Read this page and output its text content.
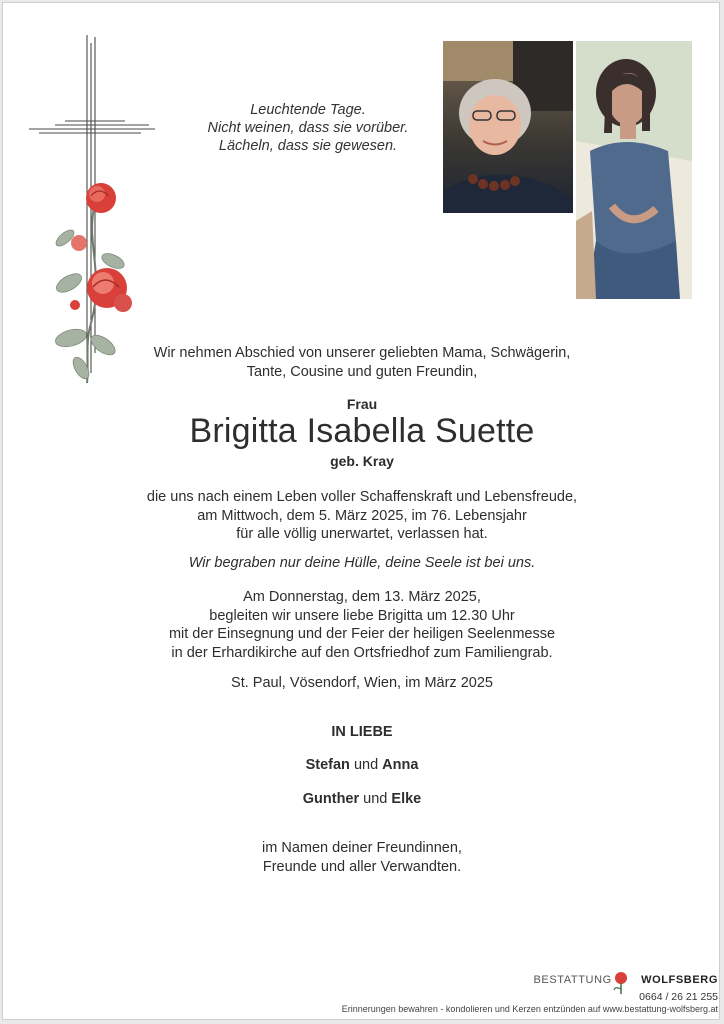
Leuchtende Tage.
Nicht weinen, dass sie vorüber.
Lächeln, dass sie gewesen.
Wir nehmen Abschied von unserer geliebten Mama, Schwägerin,
Tante, Cousine und guten Freundin,
Frau
Brigitta Isabella Suette
geb. Kray
die uns nach einem Leben voller Schaffenskraft und Lebensfreude,
am Mittwoch, dem 5. März 2025, im 76. Lebensjahr
für alle völlig unerwartet, verlassen hat.
Wir begraben nur deine Hülle, deine Seele ist bei uns.
Am Donnerstag, dem 13. März 2025,
begleiten wir unsere liebe Brigitta um 12.30 Uhr
mit der Einsegnung und der Feier der heiligen Seelenmesse
in der Erhardikirche auf den Ortsfriedhof zum Familiengrab.
St. Paul, Vösendorf, Wien, im März 2025
IN LIEBE
Stefan und Anna
Gunther und Elke
im Namen deiner Freundinnen,
Freunde und aller Verwandten.
BESTATTUNG	WOLFSBERG
0664 / 26 21 255
Erinnerungen bewahren - kondolieren und Kerzen entzünden auf www.bestattung-wolfsberg.at
